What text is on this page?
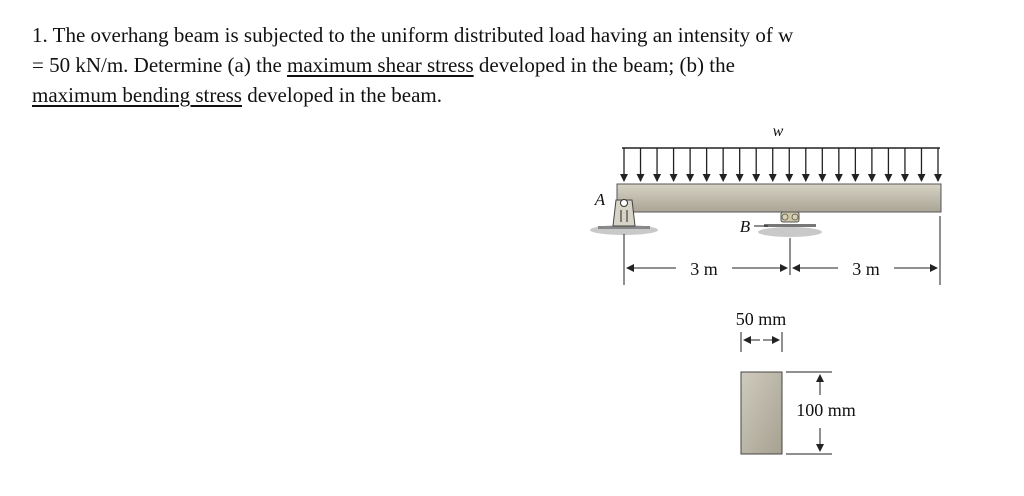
1. The overhang beam is subjected to the uniform distributed load having an intensity of w
= 50 kN/m. Determine (a) the maximum shear stress developed in the beam; (b) the
maximum bending stress developed in the beam.
w
A
B
3 m	3 m
50 mm
100 mm
